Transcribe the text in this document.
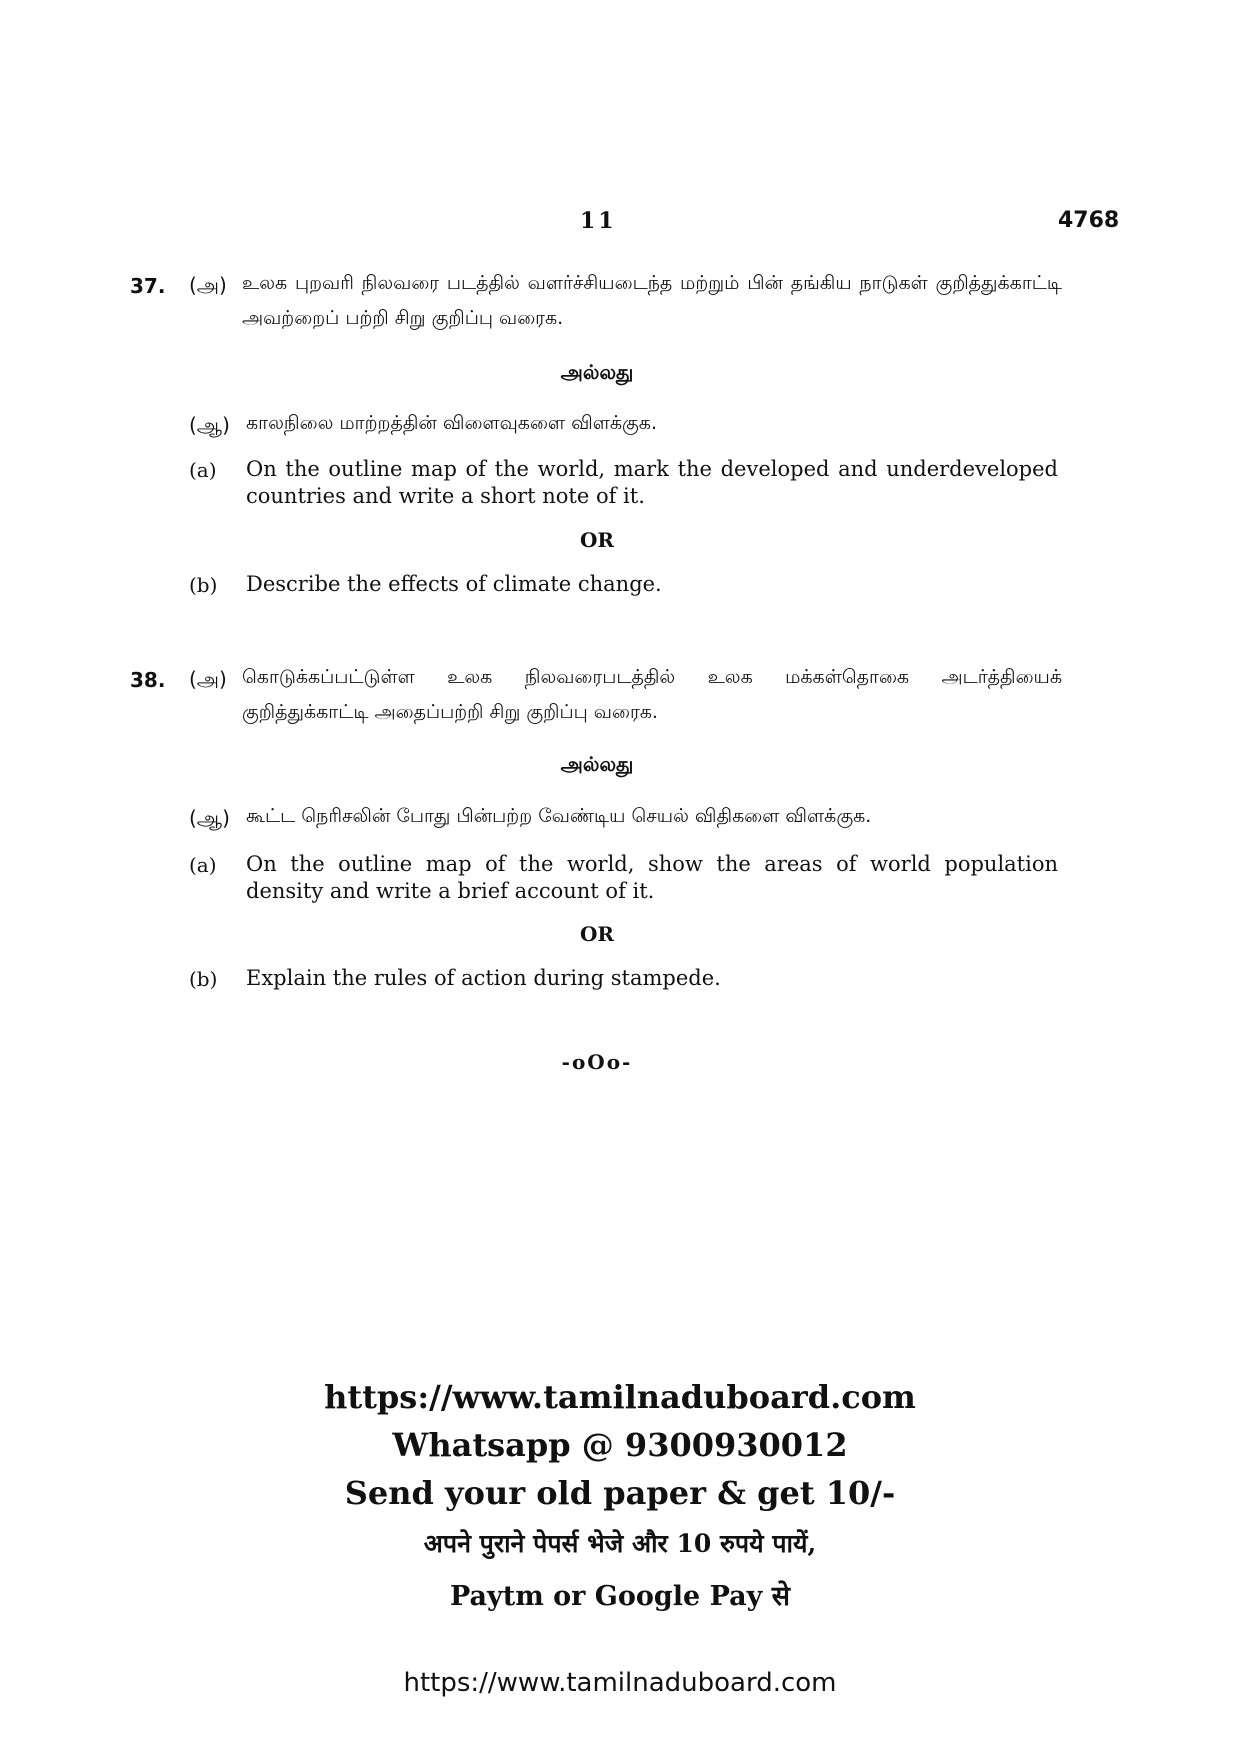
11	4768
37. (அ) உலக புறவரி நிலவரை படத்தில் வளர்ச்சியடைந்த மற்றும் பின் தங்கிய நாடுகள் குறித்துக்காட்டி அவற்றைப் பற்றி சிறு குறிப்பு வரைக.
அல்லது
(ஆ) காலநிலை மாற்றத்தின் விளைவுகளை விளக்குக.
(a) On the outline map of the world, mark the developed and underdeveloped countries and write a short note of it.
OR
(b) Describe the effects of climate change.
38. (அ) கொடுக்கப்பட்டுள்ள உலக நிலவரைபடத்தில் உலக மக்கள்தொகை அடர்த்தியைக் குறித்துக்காட்டி அதைப்பற்றி சிறு குறிப்பு வரைக.
அல்லது
(ஆ) கூட்ட நெரிசலின் போது பின்பற்ற வேண்டிய செயல் விதிகளை விளக்குக.
(a) On the outline map of the world, show the areas of world population density and write a brief account of it.
OR
(b) Explain the rules of action during stampede.
-oOo-
https://www.tamilnaduboard.com
Whatsapp @ 9300930012
Send your old paper & get 10/-
अपने पुराने पेपर्स भेजे और 10 रुपये पायें,
Paytm or Google Pay से
https://www.tamilnaduboard.com
